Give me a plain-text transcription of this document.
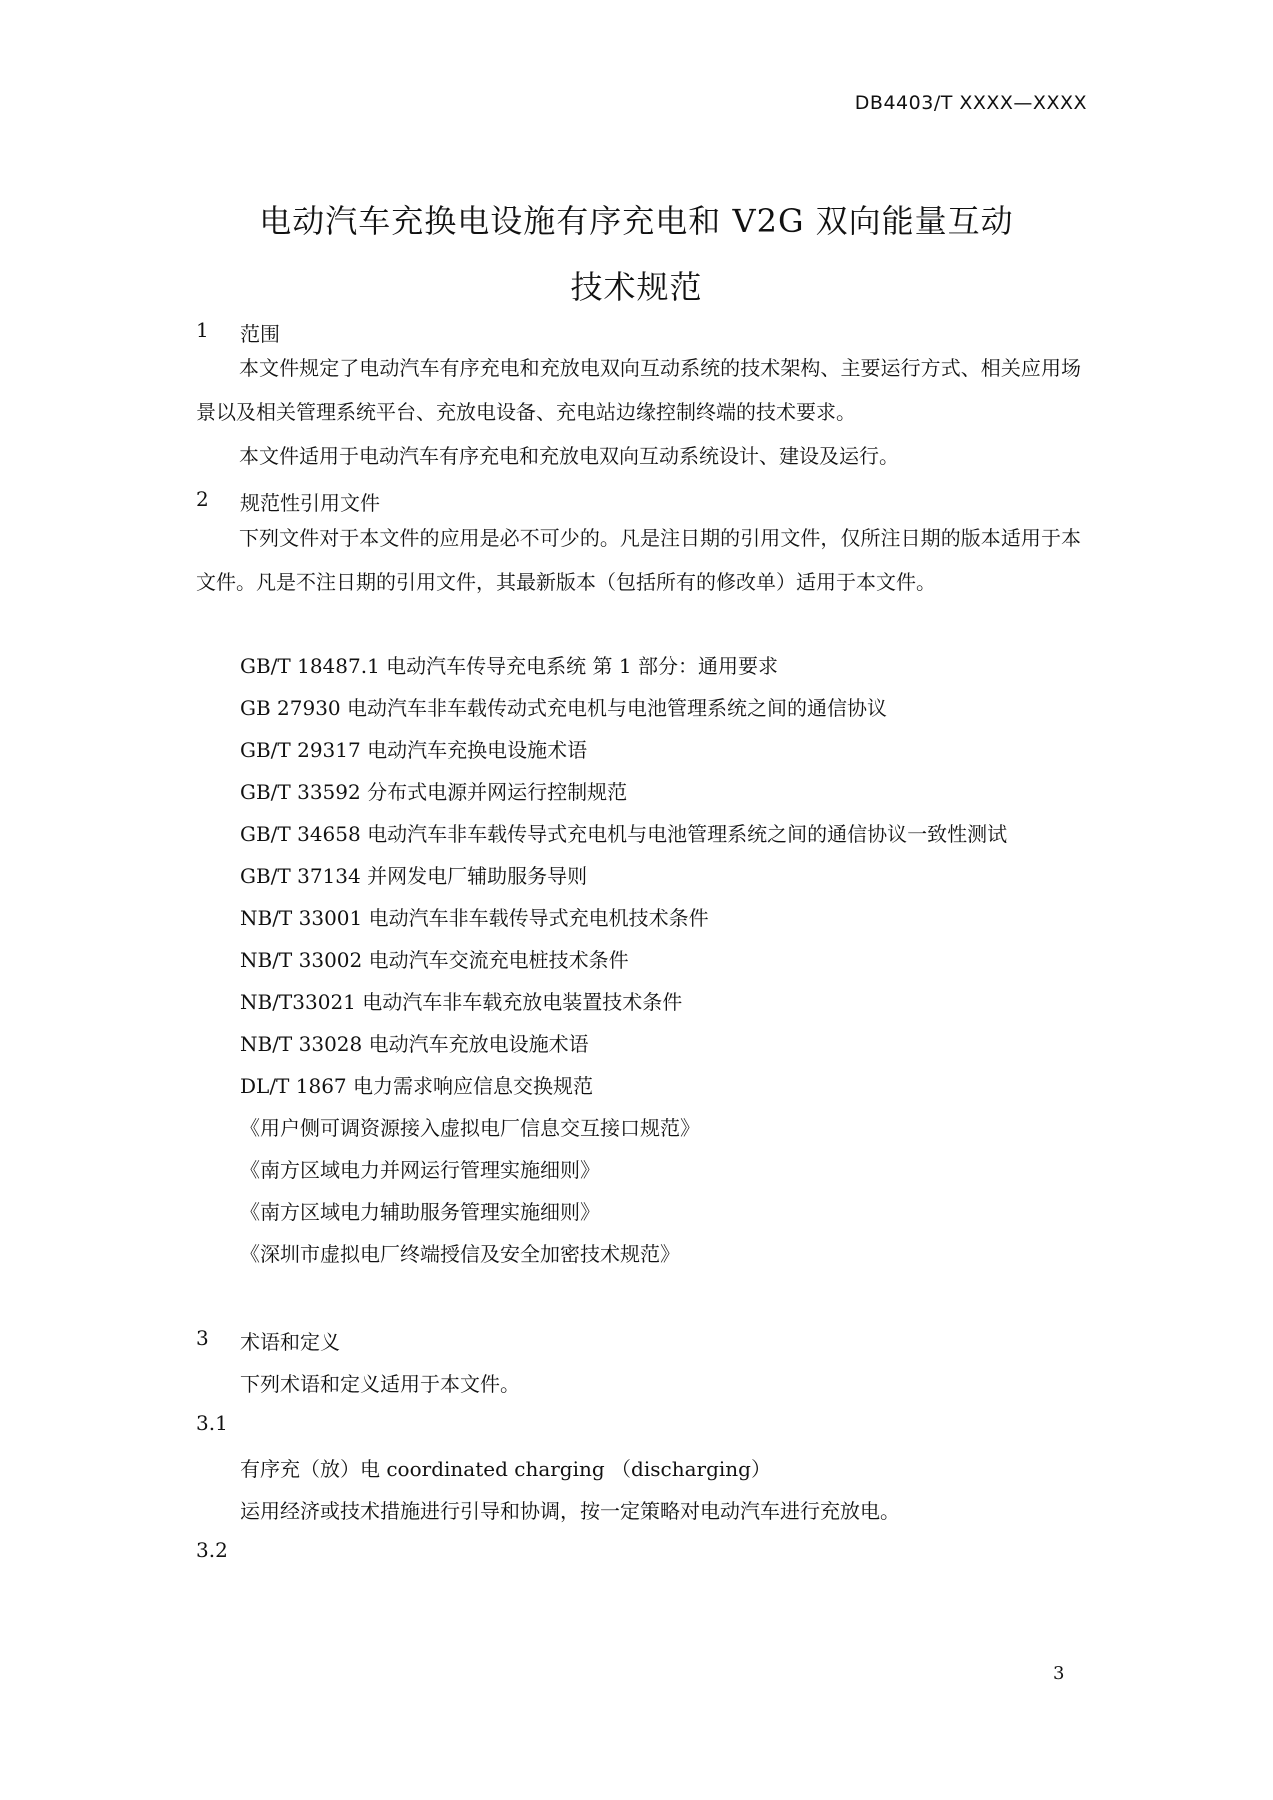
DB4403/T XXXX—XXXX
电动汽车充换电设施有序充电和 V2G 双向能量互动
技术规范
1 范围

本文件规定了电动汽车有序充电和充放电双向互动系统的技术架构、主要运行方式、相关应用场景以及相关管理系统平台、充放电设备、充电站边缘控制终端的技术要求。

本文件适用于电动汽车有序充电和充放电双向互动系统设计、建设及运行。

2 规范性引用文件

下列文件对于本文件的应用是必不可少的。凡是注日期的引用文件，仅所注日期的版本适用于本文件。凡是不注日期的引用文件，其最新版本（包括所有的修改单）适用于本文件。

GB/T 18487.1 电动汽车传导充电系统 第 1 部分：通用要求
GB 27930 电动汽车非车载传动式充电机与电池管理系统之间的通信协议
GB/T 29317 电动汽车充换电设施术语
GB/T 33592 分布式电源并网运行控制规范
GB/T 34658 电动汽车非车载传导式充电机与电池管理系统之间的通信协议一致性测试
GB/T 37134 并网发电厂辅助服务导则
NB/T 33001 电动汽车非车载传导式充电机技术条件
NB/T 33002 电动汽车交流充电桩技术条件
NB/T33021 电动汽车非车载充放电装置技术条件
NB/T 33028 电动汽车充放电设施术语
DL/T 1867 电力需求响应信息交换规范
《用户侧可调资源接入虚拟电厂信息交互接口规范》
《南方区域电力并网运行管理实施细则》
《南方区域电力辅助服务管理实施细则》
《深圳市虚拟电厂终端授信及安全加密技术规范》
3 术语和定义
下列术语和定义适用于本文件。
3.1
有序充（放）电 coordinated charging （discharging）
运用经济或技术措施进行引导和协调，按一定策略对电动汽车进行充放电。
3.2
3
